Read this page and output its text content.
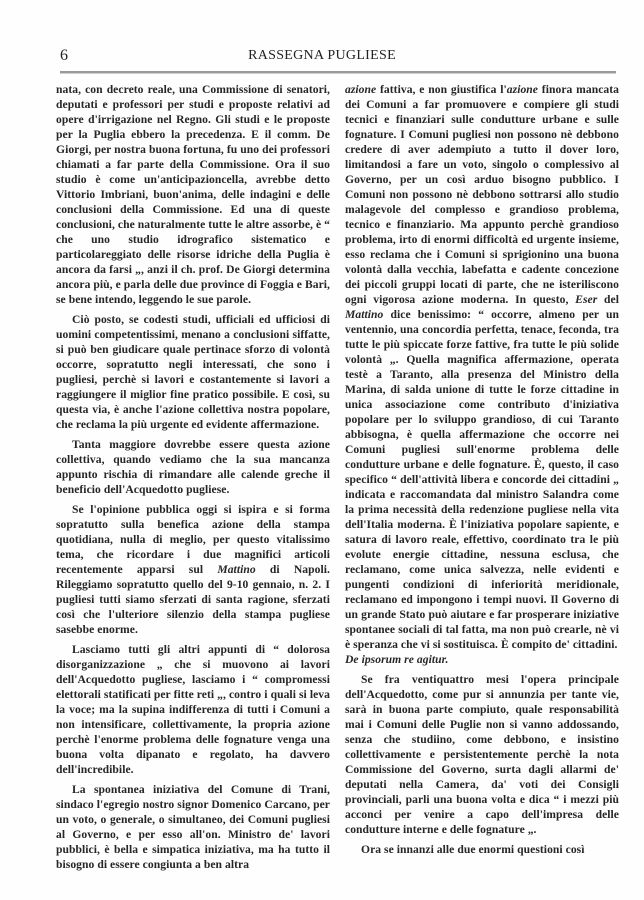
6	RASSEGNA PUGLIESE

nata, con decreto reale, una Commissione di senatori, deputati e professori per studi e proposte relativi ad opere d'irrigazione nel Regno. Gli studi e le proposte per la Puglia ebbero la precedenza. E il comm. De Giorgi, per nostra buona fortuna, fu uno dei professori chiamati a far parte della Commissione. Ora il suo studio è come un'anticipazioncella, avrebbe detto Vittorio Imbriani, buon'anima, delle indagini e delle conclusioni della Commissione. Ed una di queste conclusioni, che naturalmente tutte le altre assorbe, è “ che uno studio idrografico sistematico e particolareggiato delle risorse idriche della Puglia è ancora da farsi „, anzi il ch. prof. De Giorgi determina ancora più, e parla delle due province di Foggia e Bari, se bene intendo, leggendo le sue parole.

Ciò posto, se codesti studi, ufficiali ed ufficiosi di uomini competentissimi, menano a conclusioni siffatte, si può ben giudicare quale pertinace sforzo di volontà occorre, sopratutto negli interessati, che sono i pugliesi, perchè si lavori e costantemente si lavori a raggiungere il miglior fine pratico possibile. E così, su questa via, è anche l'azione collettiva nostra popolare, che reclama la più urgente ed evidente affermazione.

Tanta maggiore dovrebbe essere questa azione collettiva, quando vediamo che la sua mancanza appunto rischia di rimandare alle calende greche il beneficio dell'Acquedotto pugliese.

Se l'opinione pubblica oggi si ispira e si forma sopratutto sulla benefica azione della stampa quotidiana, nulla di meglio, per questo vitalissimo tema, che ricordare i due magnifici articoli recentemente apparsi sul Mattino di Napoli. Rileggiamo sopratutto quello del 9-10 gennaio, n. 2. I pugliesi tutti siamo sferzati di santa ragione, sferzati così che l'ulteriore silenzio della stampa pugliese sasebbe enorme.

Lasciamo tutti gli altri appunti di “ dolorosa disorganizzazione „ che si muovono ai lavori dell'Acquedotto pugliese, lasciamo i “ compromessi elettorali statificati per fitte reti „, contro i quali si leva la voce; ma la supina indifferenza di tutti i Comuni a non intensificare, collettivamente, la propria azione perchè l'enorme problema delle fognature venga una buona volta dipanato e regolato, ha davvero dell'incredibile.

La spontanea iniziativa del Comune di Trani, sindaco l'egregio nostro signor Domenico Carcano, per un voto, o generale, o simultaneo, dei Comuni pugliesi al Governo, e per esso all'on. Ministro de' lavori pubblici, è bella e simpatica iniziativa, ma ha tutto il bisogno di essere congiunta a ben altra

azione fattiva, e non giustifica l'azione finora mancata dei Comuni a far promuovere e compiere gli studi tecnici e finanziari sulle condutture urbane e sulle fognature. I Comuni pugliesi non possono nè debbono credere di aver adempiuto a tutto il dover loro, limitandosi a fare un voto, singolo o complessivo al Governo, per un così arduo bisogno pubblico. I Comuni non possono nè debbono sottrarsi allo studio malagevole del complesso e grandioso problema, tecnico e finanziario. Ma appunto perchè grandioso problema, irto di enormi difficoltà ed urgente insieme, esso reclama che i Comuni si sprigionino una buona volontà dalla vecchia, labefatta e cadente concezione dei piccoli gruppi locati di parte, che ne isteriliscono ogni vigorosa azione moderna. In questo, Eser del Mattino dice benissimo: “ occorre, almeno per un ventennio, una concordia perfetta, tenace, feconda, tra tutte le più spiccate forze fattive, fra tutte le più solide volontà „. Quella magnifica affermazione, operata testè a Taranto, alla presenza del Ministro della Marina, di salda unione di tutte le forze cittadine in unica associazione come contributo d'iniziativa popolare per lo sviluppo grandioso, di cui Taranto abbisogna, è quella affermazione che occorre nei Comuni pugliesi sull'enorme problema delle condutture urbane e delle fognature. È, questo, il caso specifico “ dell'attività libera e concorde dei cittadini „ indicata e raccomandata dal ministro Salandra come la prima necessità della redenzione pugliese nella vita dell'Italia moderna. È l'iniziativa popolare sapiente, e satura di lavoro reale, effettivo, coordinato tra le più evolute energie cittadine, nessuna esclusa, che reclamano, come unica salvezza, nelle evidenti e pungenti condizioni di inferiorità meridionale, reclamano ed impongono i tempi nuovi. Il Governo di un grande Stato può aiutare e far prosperare iniziative spontanee sociali di tal fatta, ma non può crearle, nè vi è speranza che vi si sostituisca. È compito de' cittadini.

De ipsorum re agitur.

Se fra ventiquattro mesi l'opera principale dell'Acquedotto, come pur si annunzia per tante vie, sarà in buona parte compiuto, quale responsabilità mai i Comuni delle Puglie non si vanno addossando, senza che studiino, come debbono, e insistino collettivamente e persistentemente perchè la nota Commissione del Governo, surta dagli allarmi de' deputati nella Camera, da' voti dei Consigli provinciali, parli una buona volta e dica “ i mezzi più acconci per venire a capo dell'impresa delle condutture interne e delle fognature „.

Ora se innanzi alle due enormi questioni così
